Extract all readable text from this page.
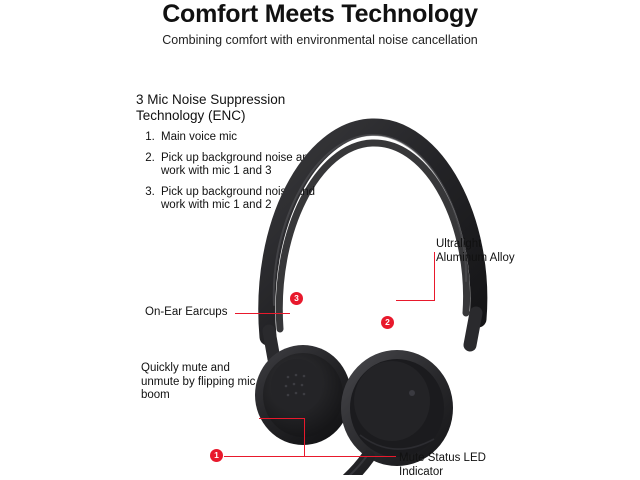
Comfort Meets Technology
Combining comfort with environmental noise cancellation
3 Mic Noise Suppression Technology (ENC)
1. Main voice mic
2. Pick up background noise and work with mic 1 and 3
3. Pick up background noise and work with mic 1 and 2
1
2
3
On-Ear Earcups
Quickly mute and unmute by flipping mic boom
Ultralight Aluminum Alloy
Mute Status LED Indicator
